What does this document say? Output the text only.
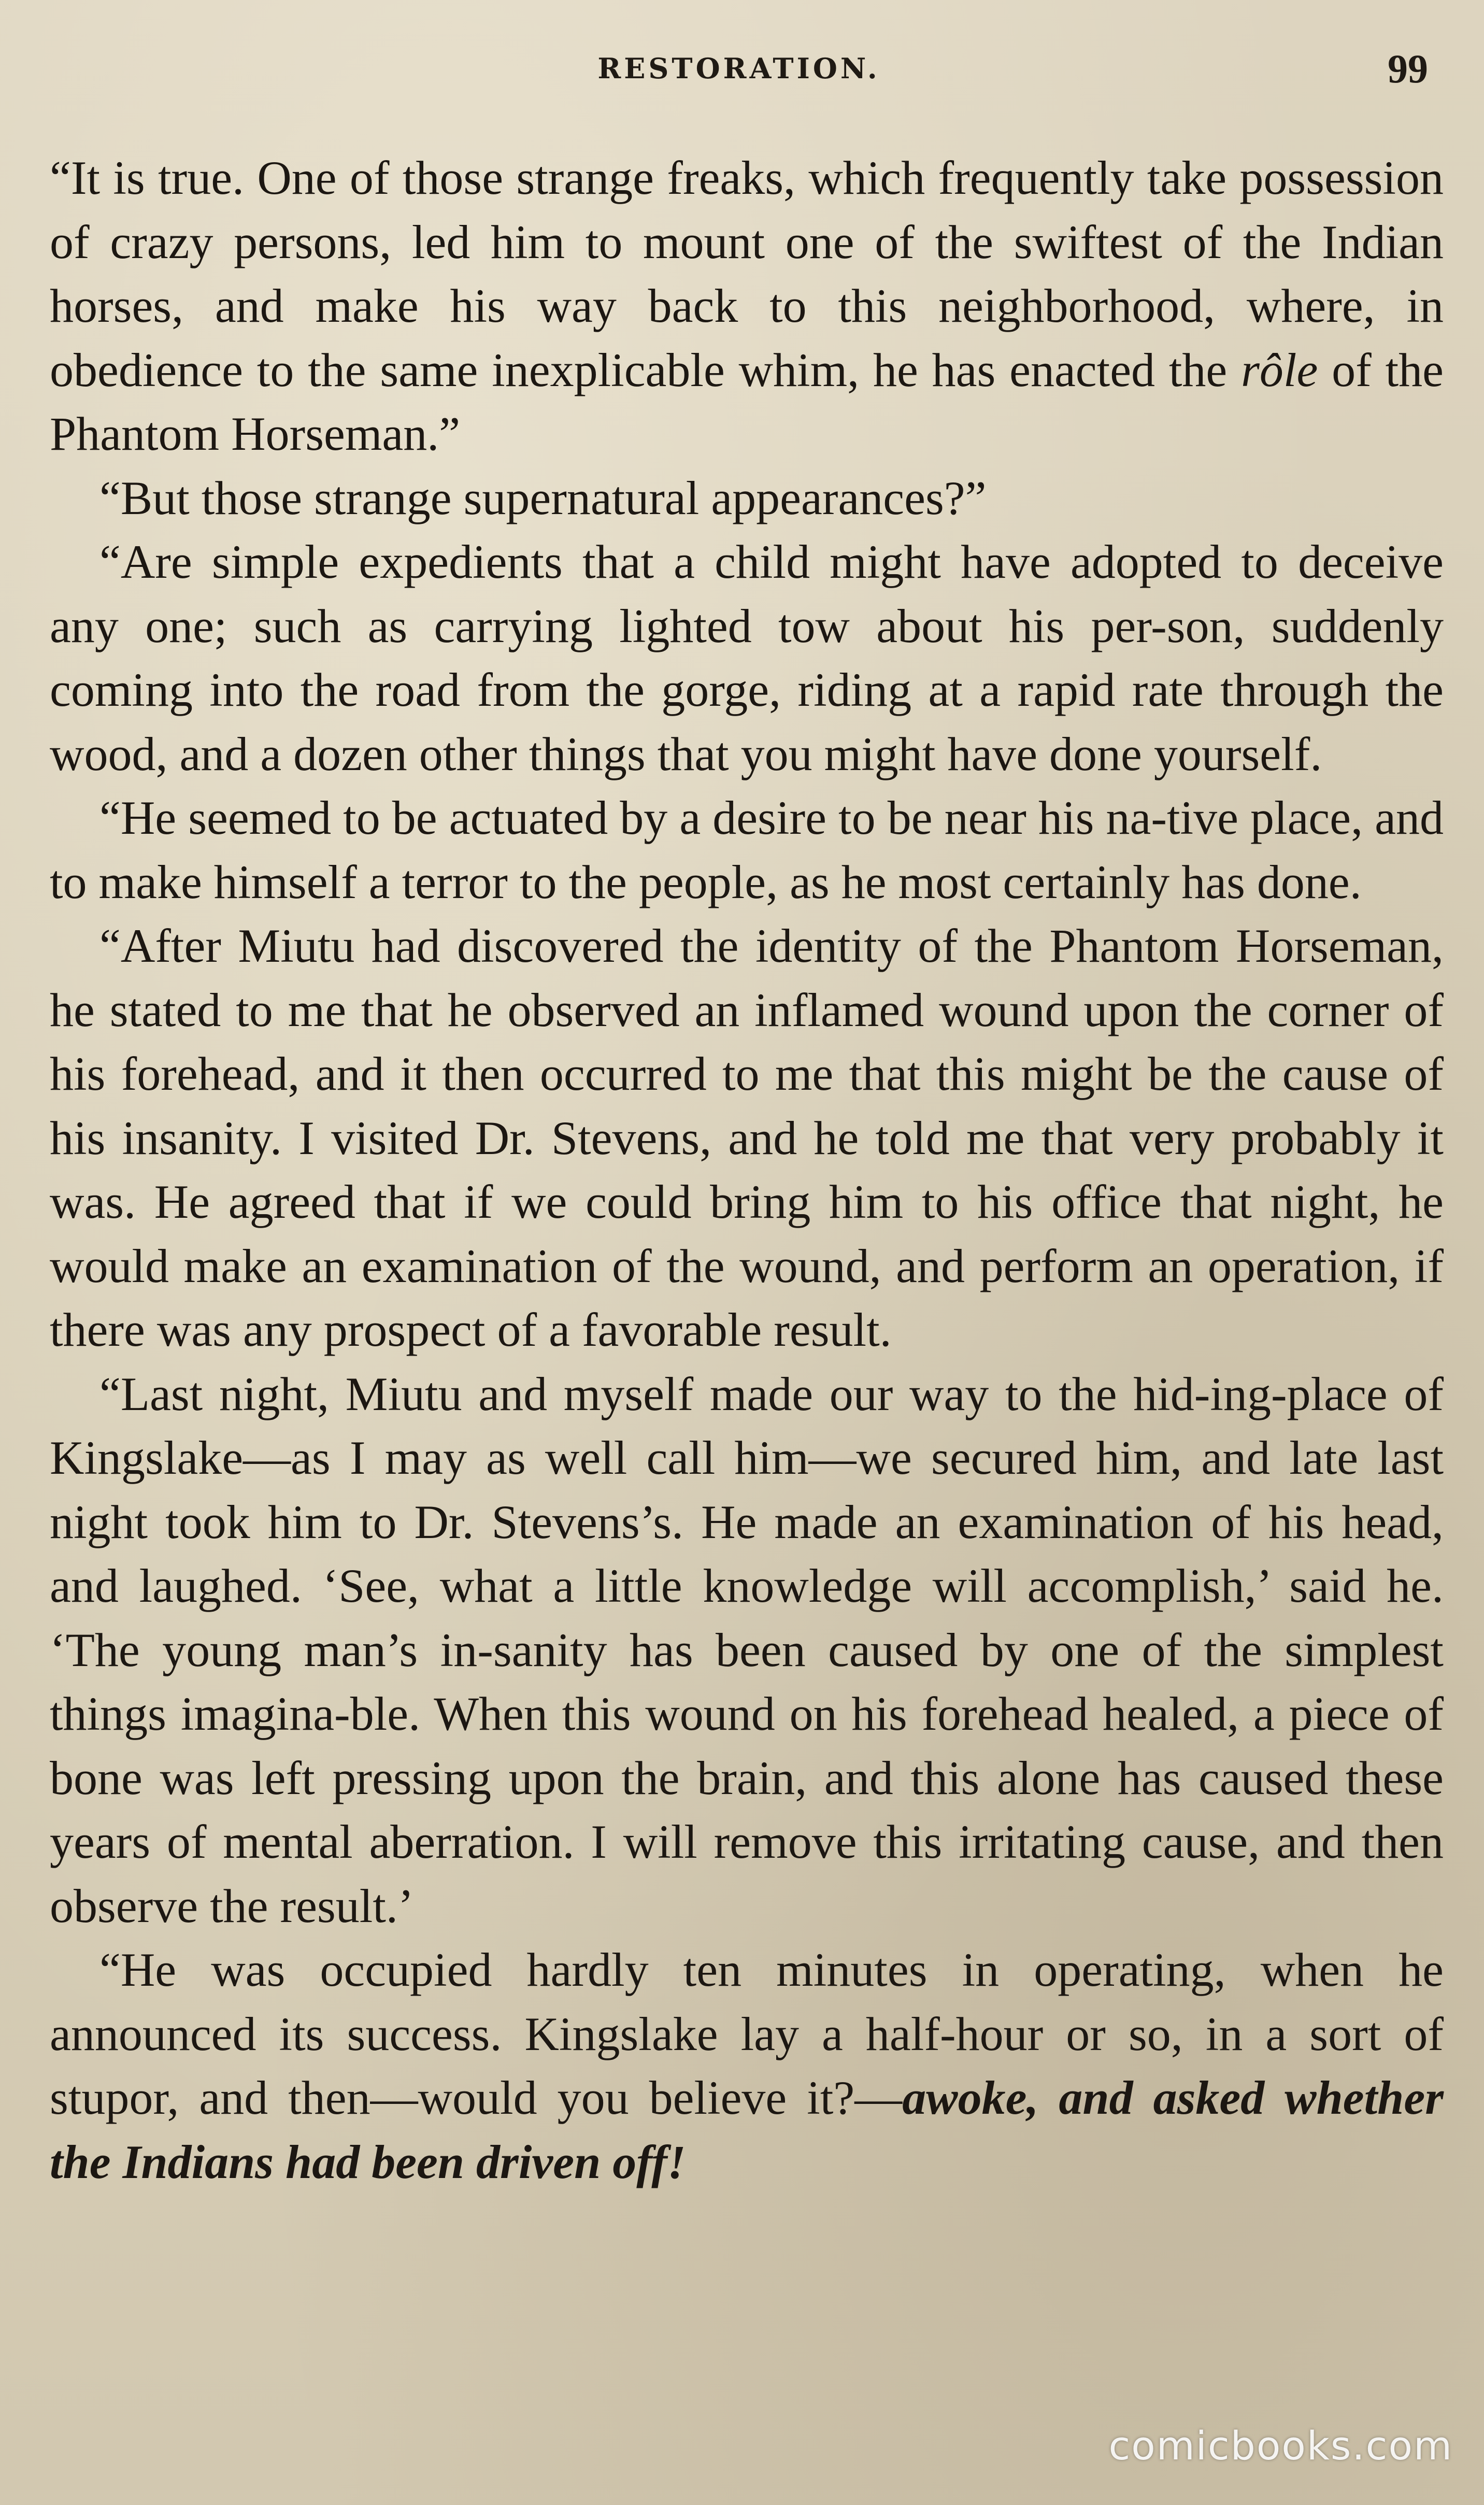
RESTORATION.	99

“It is true. One of those strange freaks, which frequently take possession of crazy persons, led him to mount one of the swiftest of the Indian horses, and make his way back to this neighborhood, where, in obedience to the same inexplicable whim, he has enacted the rôle of the Phantom Horseman.”

“But those strange supernatural appearances?”

“Are simple expedients that a child might have adopted to deceive any one; such as carrying lighted tow about his per-son, suddenly coming into the road from the gorge, riding at a rapid rate through the wood, and a dozen other things that you might have done yourself.

“He seemed to be actuated by a desire to be near his na-tive place, and to make himself a terror to the people, as he most certainly has done.

“After Miutu had discovered the identity of the Phantom Horseman, he stated to me that he observed an inflamed wound upon the corner of his forehead, and it then occurred to me that this might be the cause of his insanity. I visited Dr. Stevens, and he told me that very probably it was. He agreed that if we could bring him to his office that night, he would make an examination of the wound, and perform an operation, if there was any prospect of a favorable result.

“Last night, Miutu and myself made our way to the hid-ing-place of Kingslake—as I may as well call him—we secured him, and late last night took him to Dr. Stevens’s. He made an examination of his head, and laughed. ‘See, what a little knowledge will accomplish,’ said he. ‘The young man’s in-sanity has been caused by one of the simplest things imagina-ble. When this wound on his forehead healed, a piece of bone was left pressing upon the brain, and this alone has caused these years of mental aberration. I will remove this irritating cause, and then observe the result.’

“He was occupied hardly ten minutes in operating, when he announced its success. Kingslake lay a half-hour or so, in a sort of stupor, and then—would you believe it?—awoke, and asked whether the Indians had been driven off!

comicbooks.com
